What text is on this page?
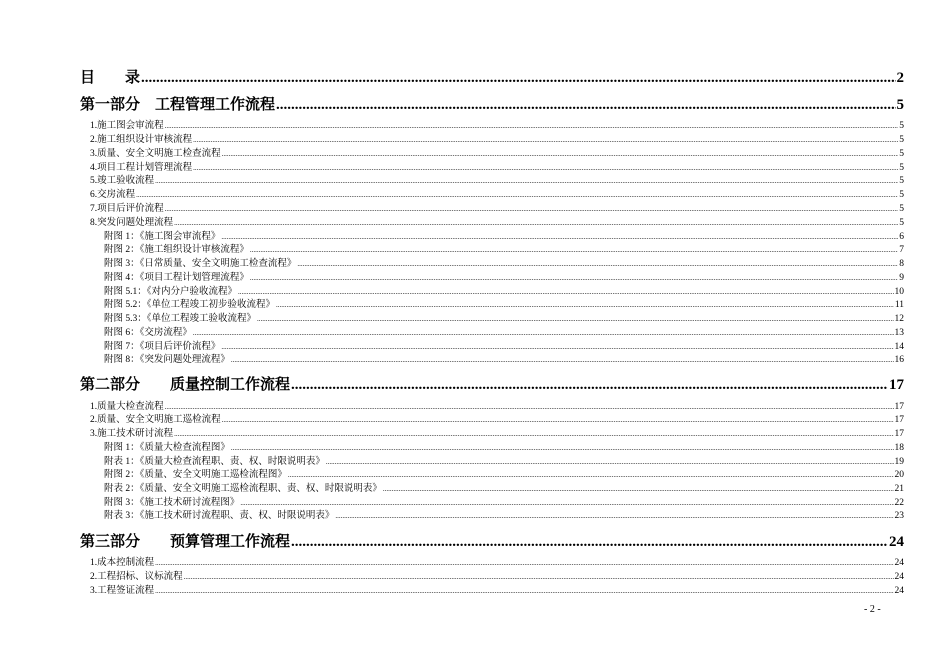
目　　录 .....	2
第一部分　工程管理工作流程 .....	5
1.施工图会审流程 .....	5
2.施工组织设计审核流程 .....	5
3.质量、安全文明施工检查流程 .....	5
4.项目工程计划管理流程 .....	5
5.竣工验收流程 .....	5
6.交房流程 .....	5
7.项目后评价流程 .....	5
8.突发问题处理流程 .....	5
附图 1：《施工图会审流程》 .....	6
附图 2：《施工组织设计审核流程》 .....	7
附图 3：《日常质量、安全文明施工检查流程》 .....	8
附图 4：《项目工程计划管理流程》 .....	9
附图 5.1：《对内分户验收流程》 .....	10
附图 5.2：《单位工程竣工初步验收流程》 .....	11
附图 5.3：《单位工程竣工验收流程》 .....	12
附图 6：《交房流程》 .....	13
附图 7：《项目后评价流程》 .....	14
附图 8：《突发问题处理流程》 .....	16
第二部分　　质量控制工作流程 .....	17
1.质量大检查流程 .....	17
2.质量、安全文明施工巡检流程 .....	17
3.施工技术研讨流程 .....	17
附图 1：《质量大检查流程图》 .....	18
附表 1：《质量大检查流程职、责、权、时限说明表》 .....	19
附图 2：《质量、安全文明施工巡检流程图》 .....	20
附表 2：《质量、安全文明施工巡检流程职、责、权、时限说明表》 .....	21
附图 3：《施工技术研讨流程图》 .....	22
附表 3：《施工技术研讨流程职、责、权、时限说明表》 .....	23
第三部分　　预算管理工作流程 .....	24
1.成本控制流程 .....	24
2.工程招标、议标流程 .....	24
3.工程签证流程 .....	24
- 2 -
